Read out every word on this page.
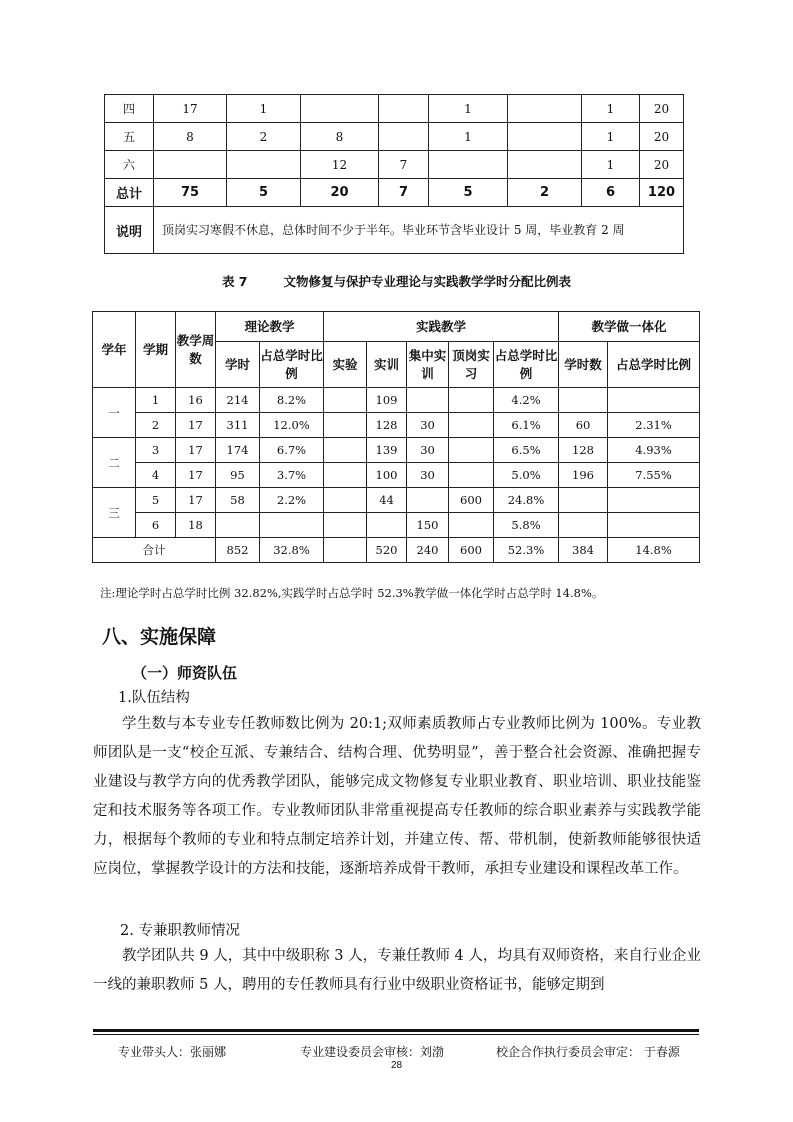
四	17	1			1		1	20
五	8	2	8		1		1	20
六			12	7			1	20
总计	75	5	20	7	5	2	6	120
说明	顶岗实习寒假不休息，总体时间不少于半年。毕业环节含毕业设计 5 周，毕业教育 2 周							
表 7	文物修复与保护专业理论与实践教学学时分配比例表
学年	学期	教学周数	理论教学		实践教学					教学做一体化	
			学时	占总学时比例	实验	实训	集中实训	顶岗实习	占总学时比例	学时数	占总学时比例
一	1	16	214	8.2%		109			4.2%		
	2	17	311	12.0%		128	30		6.1%	60	2.31%
二	3	17	174	6.7%		139	30		6.5%	128	4.93%
	4	17	95	3.7%		100	30		5.0%	196	7.55%
三	5	17	58	2.2%		44		600	24.8%		
	6	18					150		5.8%		
合计			852	32.8%		520	240	600	52.3%	384	14.8%
注:理论学时占总学时比例 32.82%,实践学时占总学时 52.3%教学做一体化学时占总学时 14.8%。
八、实施保障
（一）师资队伍
1.队伍结构
学生数与本专业专任教师数比例为 20:1;双师素质教师占专业教师比例为 100%。专业教师团队是一支“校企互派、专兼结合、结构合理、优势明显”，善于整合社会资源、准确把握专业建设与教学方向的优秀教学团队，能够完成文物修复专业职业教育、职业培训、职业技能鉴定和技术服务等各项工作。专业教师团队非常重视提高专任教师的综合职业素养与实践教学能力，根据每个教师的专业和特点制定培养计划，并建立传、帮、带机制，使新教师能够很快适应岗位，掌握教学设计的方法和技能，逐渐培养成骨干教师，承担专业建设和课程改革工作。
2. 专兼职教师情况
教学团队共 9 人，其中中级职称 3 人，专兼任教师 4 人，均具有双师资格，来自行业企业一线的兼职教师 5 人，聘用的专任教师具有行业中级职业资格证书，能够定期到
专业带头人：张丽娜	专业建设委员会审核：刘渤	校企合作执行委员会审定： 于春源
28
